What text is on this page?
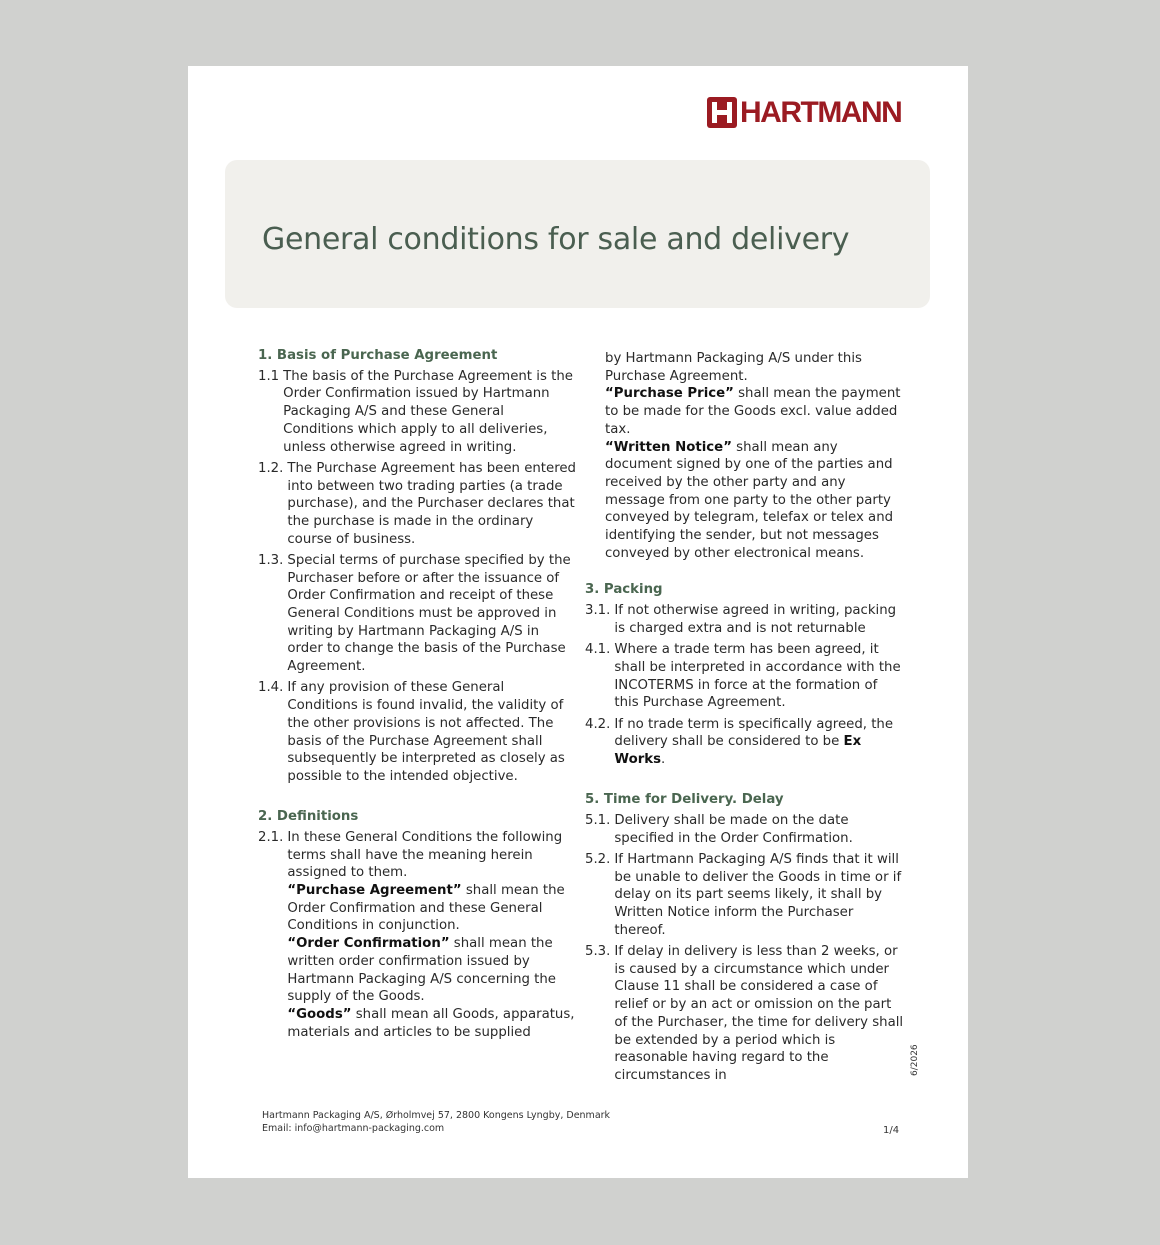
HARTMANN
General conditions for sale and delivery
1. Basis of Purchase Agreement
1.1 The basis of the Purchase Agreement is the Order Confirmation issued by Hartmann Packaging A/S and these General Conditions which apply to all deliveries, unless otherwise agreed in writing.
1.2. The Purchase Agreement has been entered into between two trading parties (a trade purchase), and the Purchaser declares that the purchase is made in the ordinary course of business.
1.3. Special terms of purchase specified by the Purchaser before or after the issuance of Order Confirmation and receipt of these General Conditions must be approved in writing by Hartmann Packaging A/S in order to change the basis of the Purchase Agreement.
1.4. If any provision of these General Conditions is found invalid, the validity of the other provisions is not affected. The basis of the Purchase Agreement shall subsequently be interpreted as closely as possible to the intended objective.
2. Definitions
2.1. In these General Conditions the following terms shall have the meaning herein assigned to them.
“Purchase Agreement” shall mean the Order Confirmation and these General Conditions in conjunction.
“Order Confirmation” shall mean the written order confirmation issued by Hartmann Packaging A/S concerning the supply of the Goods.
“Goods” shall mean all Goods, apparatus, materials and articles to be supplied
by Hartmann Packaging A/S under this Purchase Agreement.
“Purchase Price” shall mean the payment to be made for the Goods excl. value added tax.
“Written Notice” shall mean any document signed by one of the parties and received by the other party and any message from one party to the other party conveyed by telegram, telefax or telex and identifying the sender, but not messages conveyed by other electronical means.
3. Packing
3.1. If not otherwise agreed in writing, packing is charged extra and is not returnable
4.1. Where a trade term has been agreed, it shall be interpreted in accordance with the INCOTERMS in force at the formation of this Purchase Agreement.
4.2. If no trade term is specifically agreed, the delivery shall be considered to be Ex Works.
5. Time for Delivery. Delay
5.1. Delivery shall be made on the date specified in the Order Confirmation.
5.2. If Hartmann Packaging A/S finds that it will be unable to deliver the Goods in time or if delay on its part seems likely, it shall by Written Notice inform the Purchaser thereof.
5.3. If delay in delivery is less than 2 weeks, or is caused by a circumstance which under Clause 11 shall be considered a case of relief or by an act or omission on the part of the Purchaser, the time for delivery shall be extended by a period which is reasonable having regard to the circumstances in	6/2026
Hartmann Packaging A/S, Ørholmvej 57, 2800 Kongens Lyngby, Denmark
Email: info@hartmann-packaging.com	1/4
